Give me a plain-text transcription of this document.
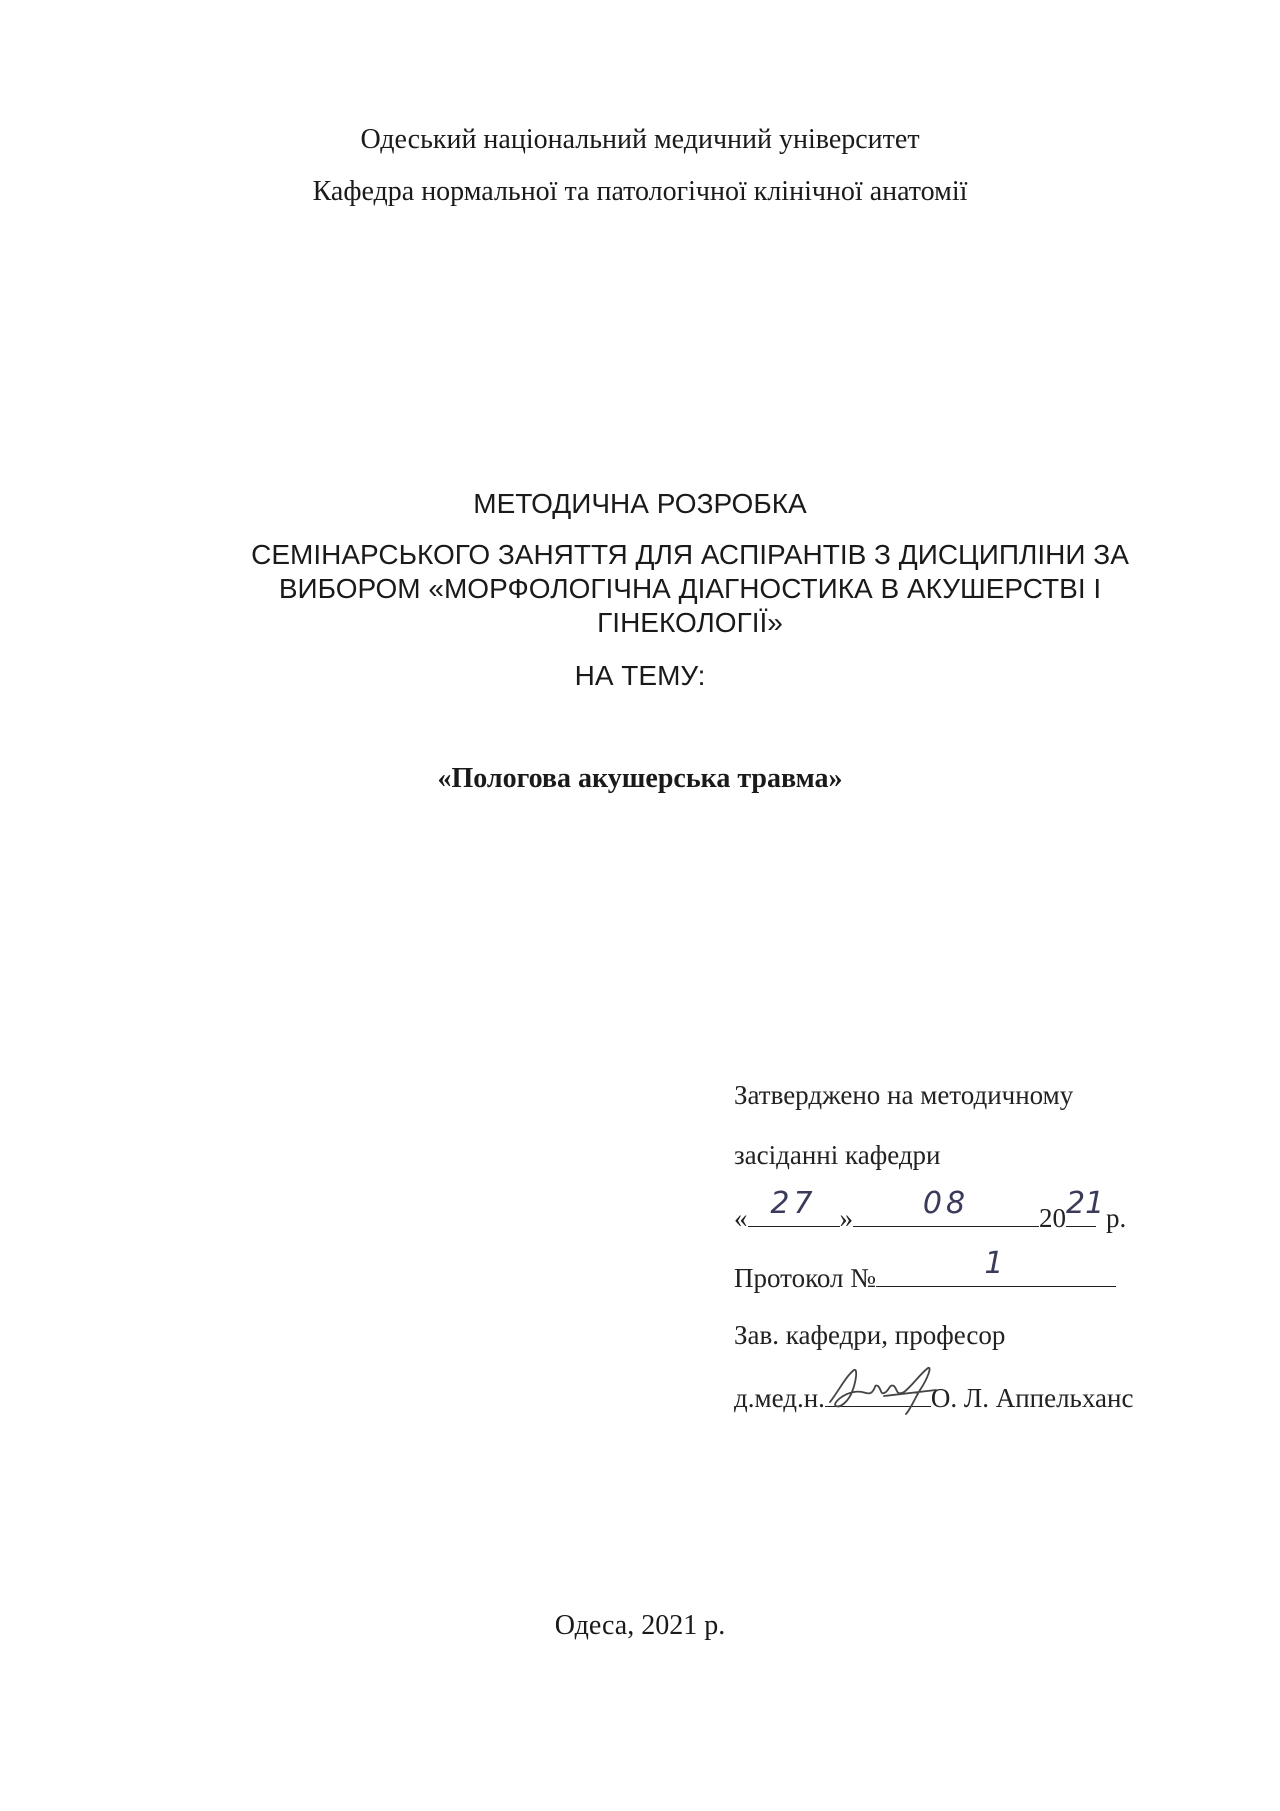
Одеський національний медичний університет
Кафедра нормальної та патологічної клінічної анатомії
МЕТОДИЧНА РОЗРОБКА
СЕМІНАРСЬКОГО ЗАНЯТТЯ ДЛЯ АСПІРАНТІВ З ДИСЦИПЛІНИ ЗА ВИБОРОМ «МОРФОЛОГІЧНА ДІАГНОСТИКА В АКУШЕРСТВІ І ГІНЕКОЛОГІЇ»
НА ТЕМУ:
«Пологова акушерська травма»
Затверджено на методичному
засіданні кафедри
« 27 »	08	20 21 р.
Протокол №	1
Зав. кафедри, професор
д.мед.н.	О. Л. Аппельханс
Одеса, 2021 р.
